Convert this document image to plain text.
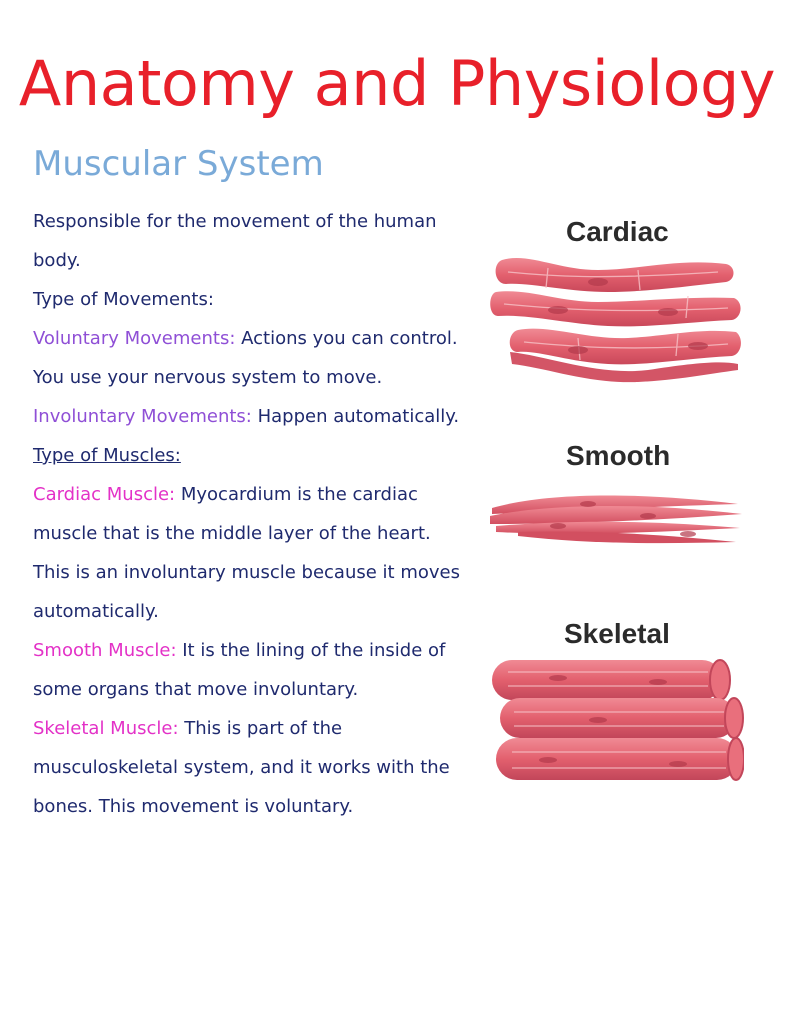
Anatomy and Physiology
Muscular System
Responsible for the movement of the human
body.
Type of Movements:
Voluntary Movements: Actions you can control.
You use your nervous system to move.
Involuntary Movements: Happen automatically.
Type of Muscles:
Cardiac Muscle: Myocardium is the cardiac
muscle that is the middle layer of the heart.
This is an involuntary muscle because it moves
automatically.
Smooth Muscle: It is the lining of the inside of
some organs that move involuntary.
Skeletal Muscle: This is part of the
musculoskeletal system, and it works with the
bones. This movement is voluntary.
Cardiac
Smooth
Skeletal
